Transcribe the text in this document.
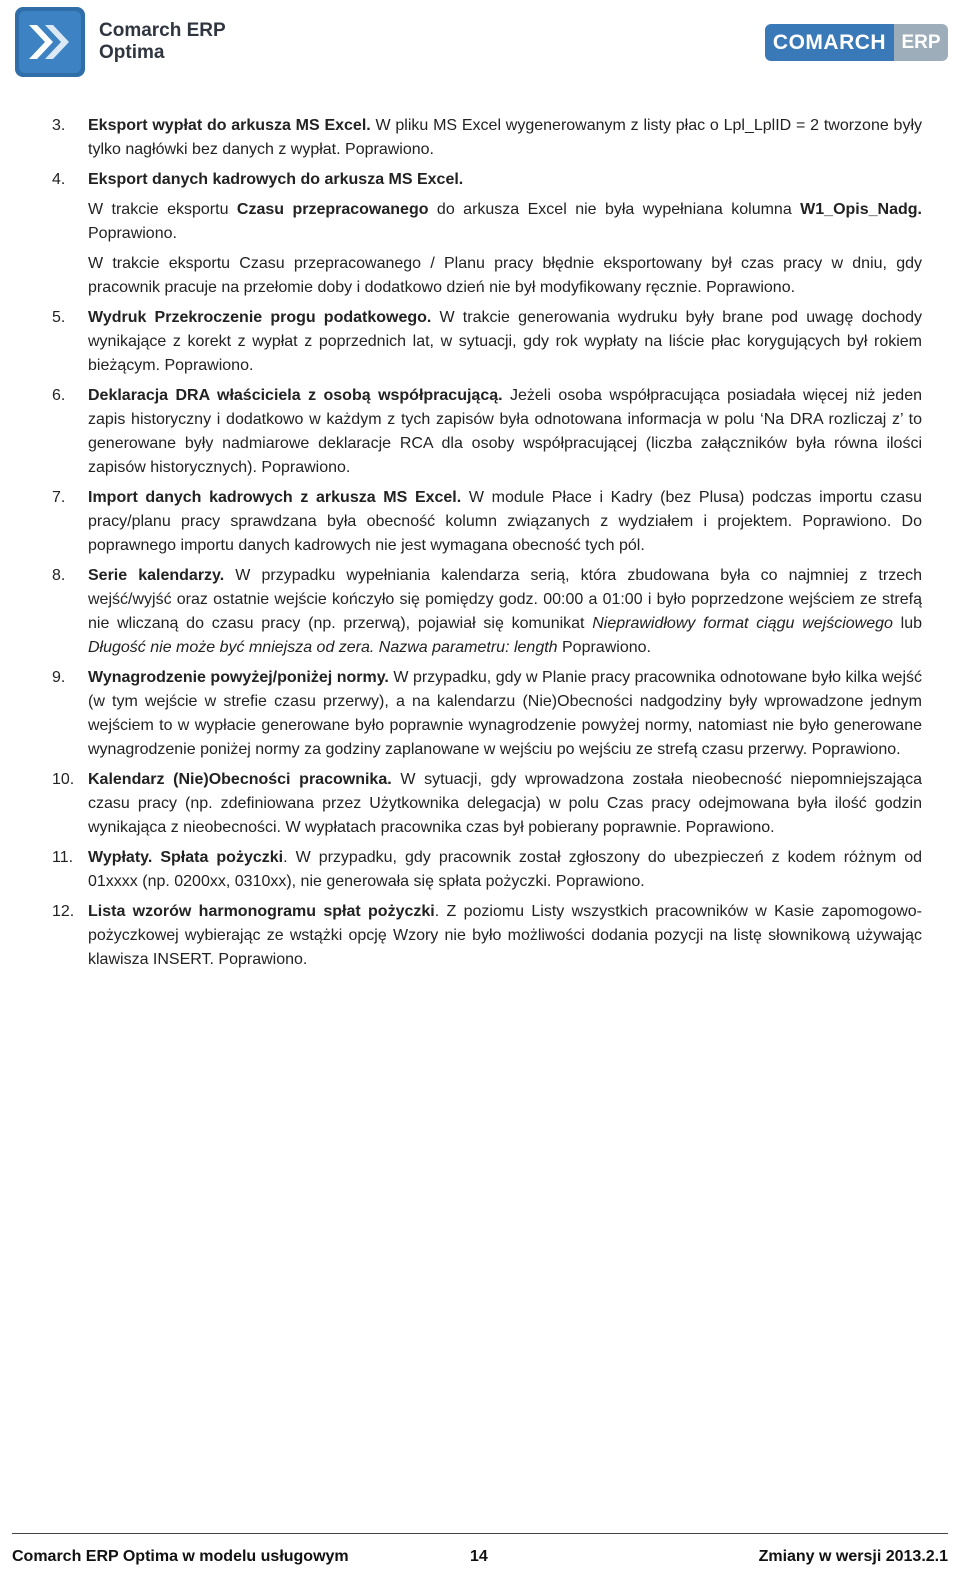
Comarch ERP
Optima	COMARCH ERP
3.	Eksport wypłat do arkusza MS Excel. W pliku MS Excel wygenerowanym z listy płac o Lpl_LplID = 2 tworzone były tylko nagłówki bez danych z wypłat. Poprawiono.
4.	Eksport danych kadrowych do arkusza MS Excel.
W trakcie eksportu Czasu przepracowanego do arkusza Excel nie była wypełniana kolumna W1_Opis_Nadg. Poprawiono.
W trakcie eksportu Czasu przepracowanego / Planu pracy błędnie eksportowany był czas pracy w dniu, gdy pracownik pracuje na przełomie doby i dodatkowo dzień nie był modyfikowany ręcznie. Poprawiono.
5.	Wydruk Przekroczenie progu podatkowego. W trakcie generowania wydruku były brane pod uwagę dochody wynikające z korekt z wypłat z poprzednich lat, w sytuacji, gdy rok wypłaty na liście płac korygujących był rokiem bieżącym. Poprawiono.
6.	Deklaracja DRA właściciela z osobą współpracującą. Jeżeli osoba współpracująca posiadała więcej niż jeden zapis historyczny i dodatkowo w każdym z tych zapisów była odnotowana informacja w polu ‘Na DRA rozliczaj z’ to generowane były nadmiarowe deklaracje RCA dla osoby współpracującej (liczba załączników była równa ilości zapisów historycznych). Poprawiono.
7.	Import danych kadrowych z arkusza MS Excel. W module Płace i Kadry (bez Plusa) podczas importu czasu pracy/planu pracy sprawdzana była obecność kolumn związanych z wydziałem i projektem. Poprawiono. Do poprawnego importu danych kadrowych nie jest wymagana obecność tych pól.
8.	Serie kalendarzy. W przypadku wypełniania kalendarza serią, która zbudowana była co najmniej z trzech wejść/wyjść oraz ostatnie wejście kończyło się pomiędzy godz. 00:00 a 01:00 i było poprzedzone wejściem ze strefą nie wliczaną do czasu pracy (np. przerwą), pojawiał się komunikat Nieprawidłowy format ciągu wejściowego lub Długość nie może być mniejsza od zera. Nazwa parametru: length Poprawiono.
9.	Wynagrodzenie powyżej/poniżej normy. W przypadku, gdy w Planie pracy pracownika odnotowane było kilka wejść (w tym wejście w strefie czasu przerwy), a na kalendarzu (Nie)Obecności nadgodziny były wprowadzone jednym wejściem to w wypłacie generowane było poprawnie wynagrodzenie powyżej normy, natomiast nie było generowane wynagrodzenie poniżej normy za godziny zaplanowane w wejściu po wejściu ze strefą czasu przerwy. Poprawiono.
10. Kalendarz (Nie)Obecności pracownika. W sytuacji, gdy wprowadzona została nieobecność niepomniejszająca czasu pracy (np. zdefiniowana przez Użytkownika delegacja) w polu Czas pracy odejmowana była ilość godzin wynikająca z nieobecności. W wypłatach pracownika czas był pobierany poprawnie. Poprawiono.
11. Wypłaty. Spłata pożyczki. W przypadku, gdy pracownik został zgłoszony do ubezpieczeń z kodem różnym od 01xxxx (np. 0200xx, 0310xx), nie generowała się spłata pożyczki. Poprawiono.
12. Lista wzorów harmonogramu spłat pożyczki. Z poziomu Listy wszystkich pracowników w Kasie zapomogowo-pożyczkowej wybierając ze wstążki opcję Wzory nie było możliwości dodania pozycji na listę słownikową używając klawisza INSERT. Poprawiono.
Comarch ERP Optima w modelu usługowym	14	Zmiany w wersji 2013.2.1
